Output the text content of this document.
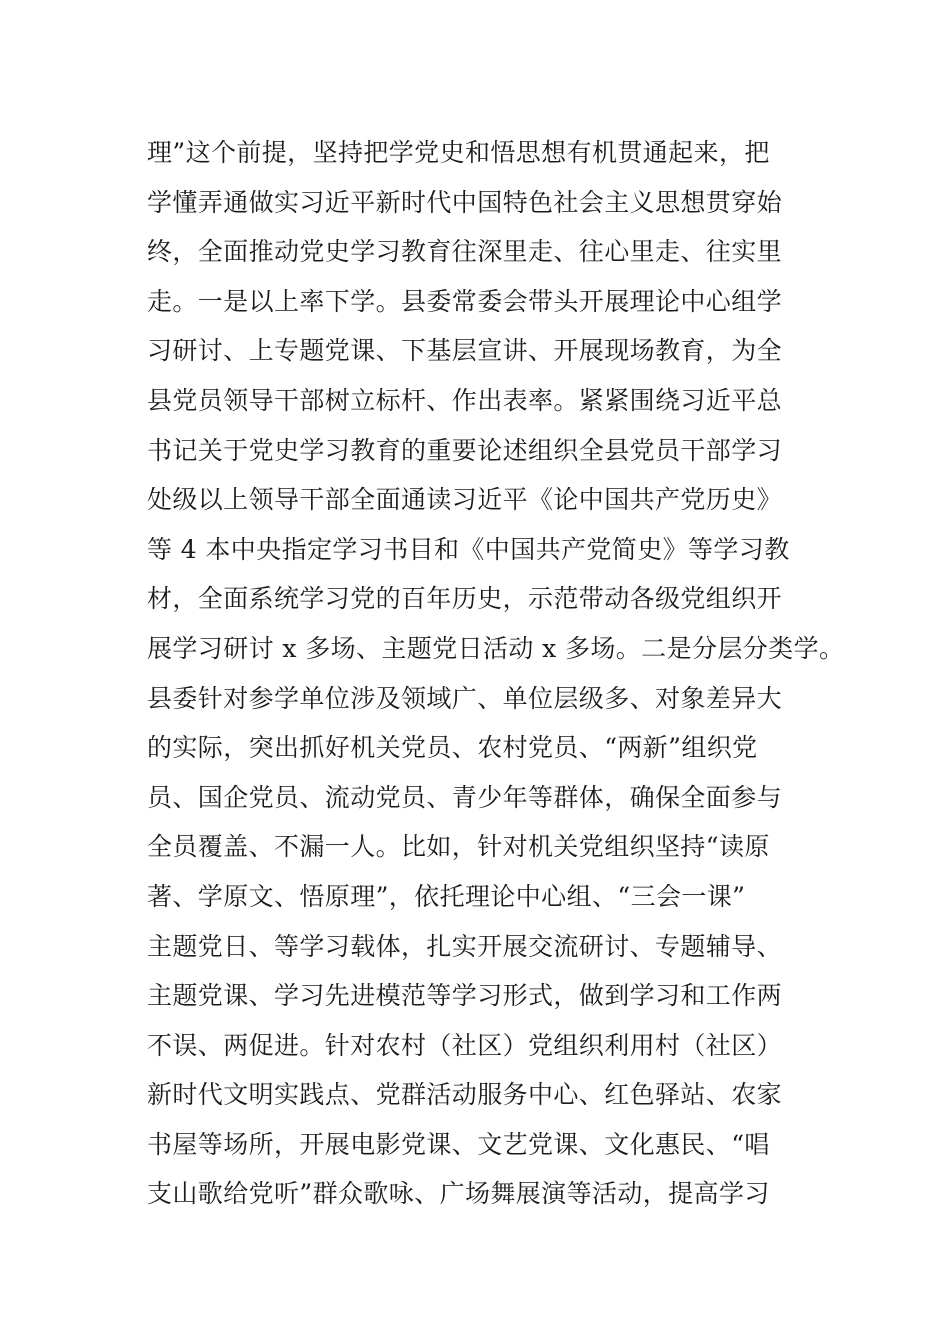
理”这个前提，坚持把学党史和悟思想有机贯通起来，把
学懂弄通做实习近平新时代中国特色社会主义思想贯穿始
终，全面推动党史学习教育往深里走、往心里走、往实里
走。一是以上率下学。县委常委会带头开展理论中心组学
习研讨、上专题党课、下基层宣讲、开展现场教育，为全
县党员领导干部树立标杆、作出表率。紧紧围绕习近平总
书记关于党史学习教育的重要论述组织全县党员干部学习
处级以上领导干部全面通读习近平《论中国共产党历史》
等 4 本中央指定学习书目和《中国共产党简史》等学习教
材，全面系统学习党的百年历史，示范带动各级党组织开
展学习研讨 x 多场、主题党日活动 x 多场。二是分层分类学。
县委针对参学单位涉及领域广、单位层级多、对象差异大
的实际，突出抓好机关党员、农村党员、“两新”组织党
员、国企党员、流动党员、青少年等群体，确保全面参与
全员覆盖、不漏一人。比如，针对机关党组织坚持“读原
著、学原文、悟原理”，依托理论中心组、“三会一课”
主题党日、等学习载体，扎实开展交流研讨、专题辅导、
主题党课、学习先进模范等学习形式，做到学习和工作两
不误、两促进。针对农村（社区）党组织利用村（社区）
新时代文明实践点、党群活动服务中心、红色驿站、农家
书屋等场所，开展电影党课、文艺党课、文化惠民、“唱
支山歌给党听”群众歌咏、广场舞展演等活动，提高学习
